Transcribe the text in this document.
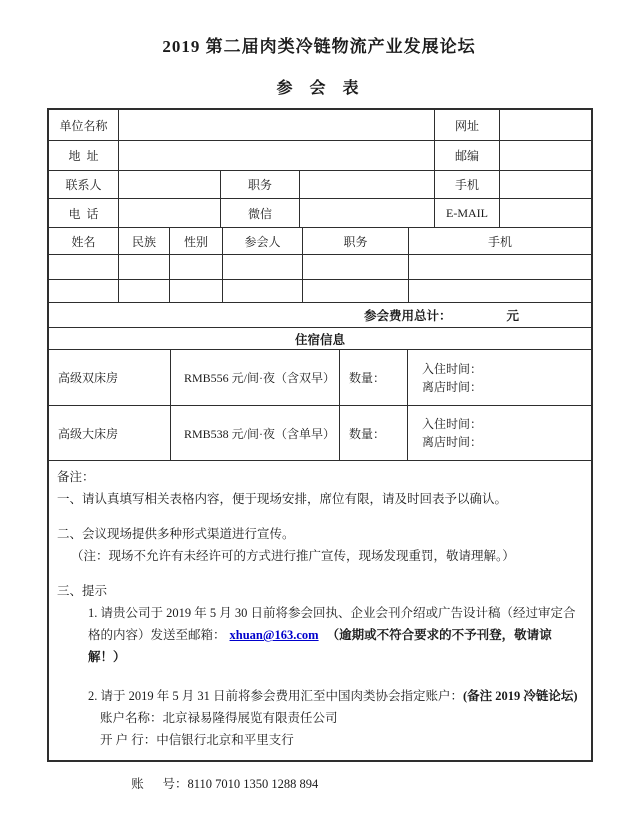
2019 第二届肉类冷链物流产业发展论坛
参  会  表
单位名称	网址
地  址	邮编
联系人	职务	手机
电  话	微信	E-MAIL
姓名	民族	性别	参会人	职务	手机
参会费用总计：	元
住宿信息
高级双床房	RMB556 元/间·夜（含双早）	数量：
入住时间：
离店时间：
高级大床房	RMB538 元/间·夜（含单早）	数量：
入住时间：
离店时间：
备注：
一、请认真填写相关表格内容，便于现场安排，席位有限，请及时回表予以确认。
二、会议现场提供多种形式渠道进行宣传。
（注：现场不允许有未经许可的方式进行推广宣传，现场发现重罚，敬请理解。）
三、提示
1. 请贵公司于 2019 年 5 月 30 日前将参会回执、企业会刊介绍或广告设计稿（经过审定合格的内容）发送至邮箱： xhuan@163.com （逾期或不符合要求的不予刊登，敬请谅解！）
2. 请于 2019 年 5 月 31 日前将参会费用汇至中国肉类协会指定账户：(备注 2019 冷链论坛)
账户名称：北京禄易隆得展览有限责任公司
开 户 行：中信银行北京和平里支行

账      号：8110 7010 1350 1288 894
